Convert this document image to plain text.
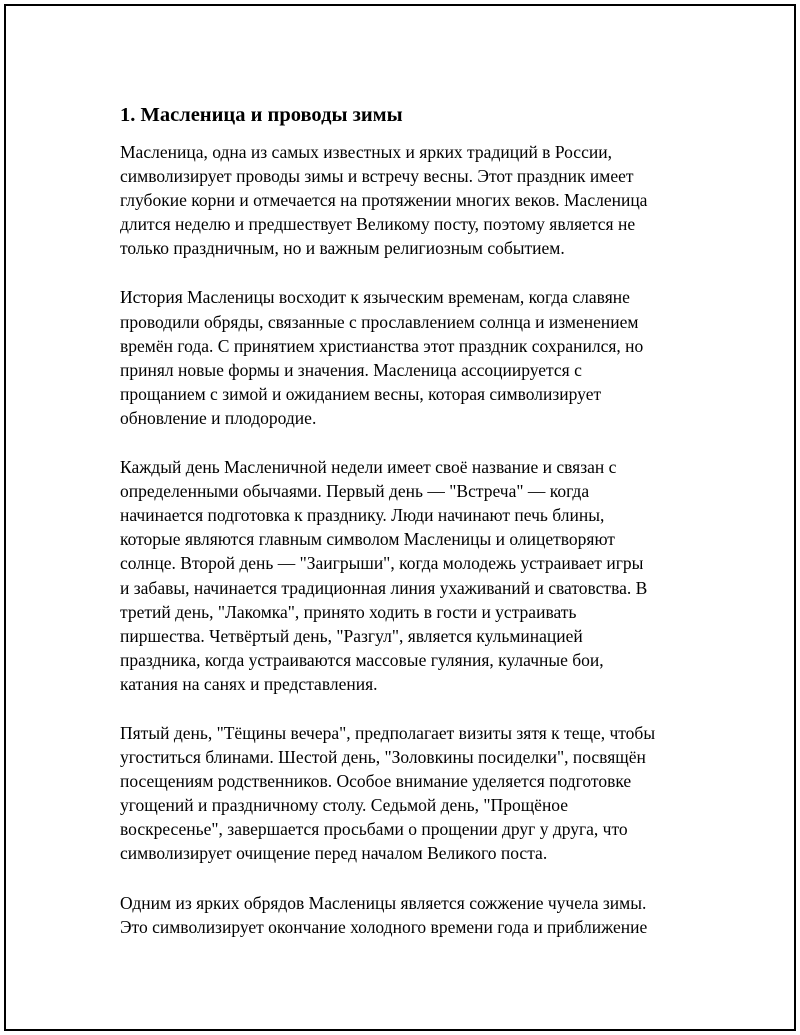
1. Масленица и проводы зимы
Масленица, одна из самых известных и ярких традиций в России,
символизирует проводы зимы и встречу весны. Этот праздник имеет
глубокие корни и отмечается на протяжении многих веков. Масленица
длится неделю и предшествует Великому посту, поэтому является не
только праздничным, но и важным религиозным событием.
История Масленицы восходит к языческим временам, когда славяне
проводили обряды, связанные с прославлением солнца и изменением
времён года. С принятием христианства этот праздник сохранился, но
принял новые формы и значения. Масленица ассоциируется с
прощанием с зимой и ожиданием весны, которая символизирует
обновление и плодородие.
Каждый день Масленичной недели имеет своё название и связан с
определенными обычаями. Первый день — "Встреча" — когда
начинается подготовка к празднику. Люди начинают печь блины,
которые являются главным символом Масленицы и олицетворяют
солнце. Второй день — "Заигрыши", когда молодежь устраивает игры
и забавы, начинается традиционная линия ухаживаний и сватовства. В
третий день, "Лакомка", принято ходить в гости и устраивать
пиршества. Четвёртый день, "Разгул", является кульминацией
праздника, когда устраиваются массовые гуляния, кулачные бои,
катания на санях и представления.
Пятый день, "Тёщины вечера", предполагает визиты зятя к теще, чтобы
угоститься блинами. Шестой день, "Золовкины посиделки", посвящён
посещениям родственников. Особое внимание уделяется подготовке
угощений и праздничному столу. Седьмой день, "Прощёное
воскресенье", завершается просьбами о прощении друг у друга, что
символизирует очищение перед началом Великого поста.
Одним из ярких обрядов Масленицы является сожжение чучела зимы.
Это символизирует окончание холодного времени года и приближение
